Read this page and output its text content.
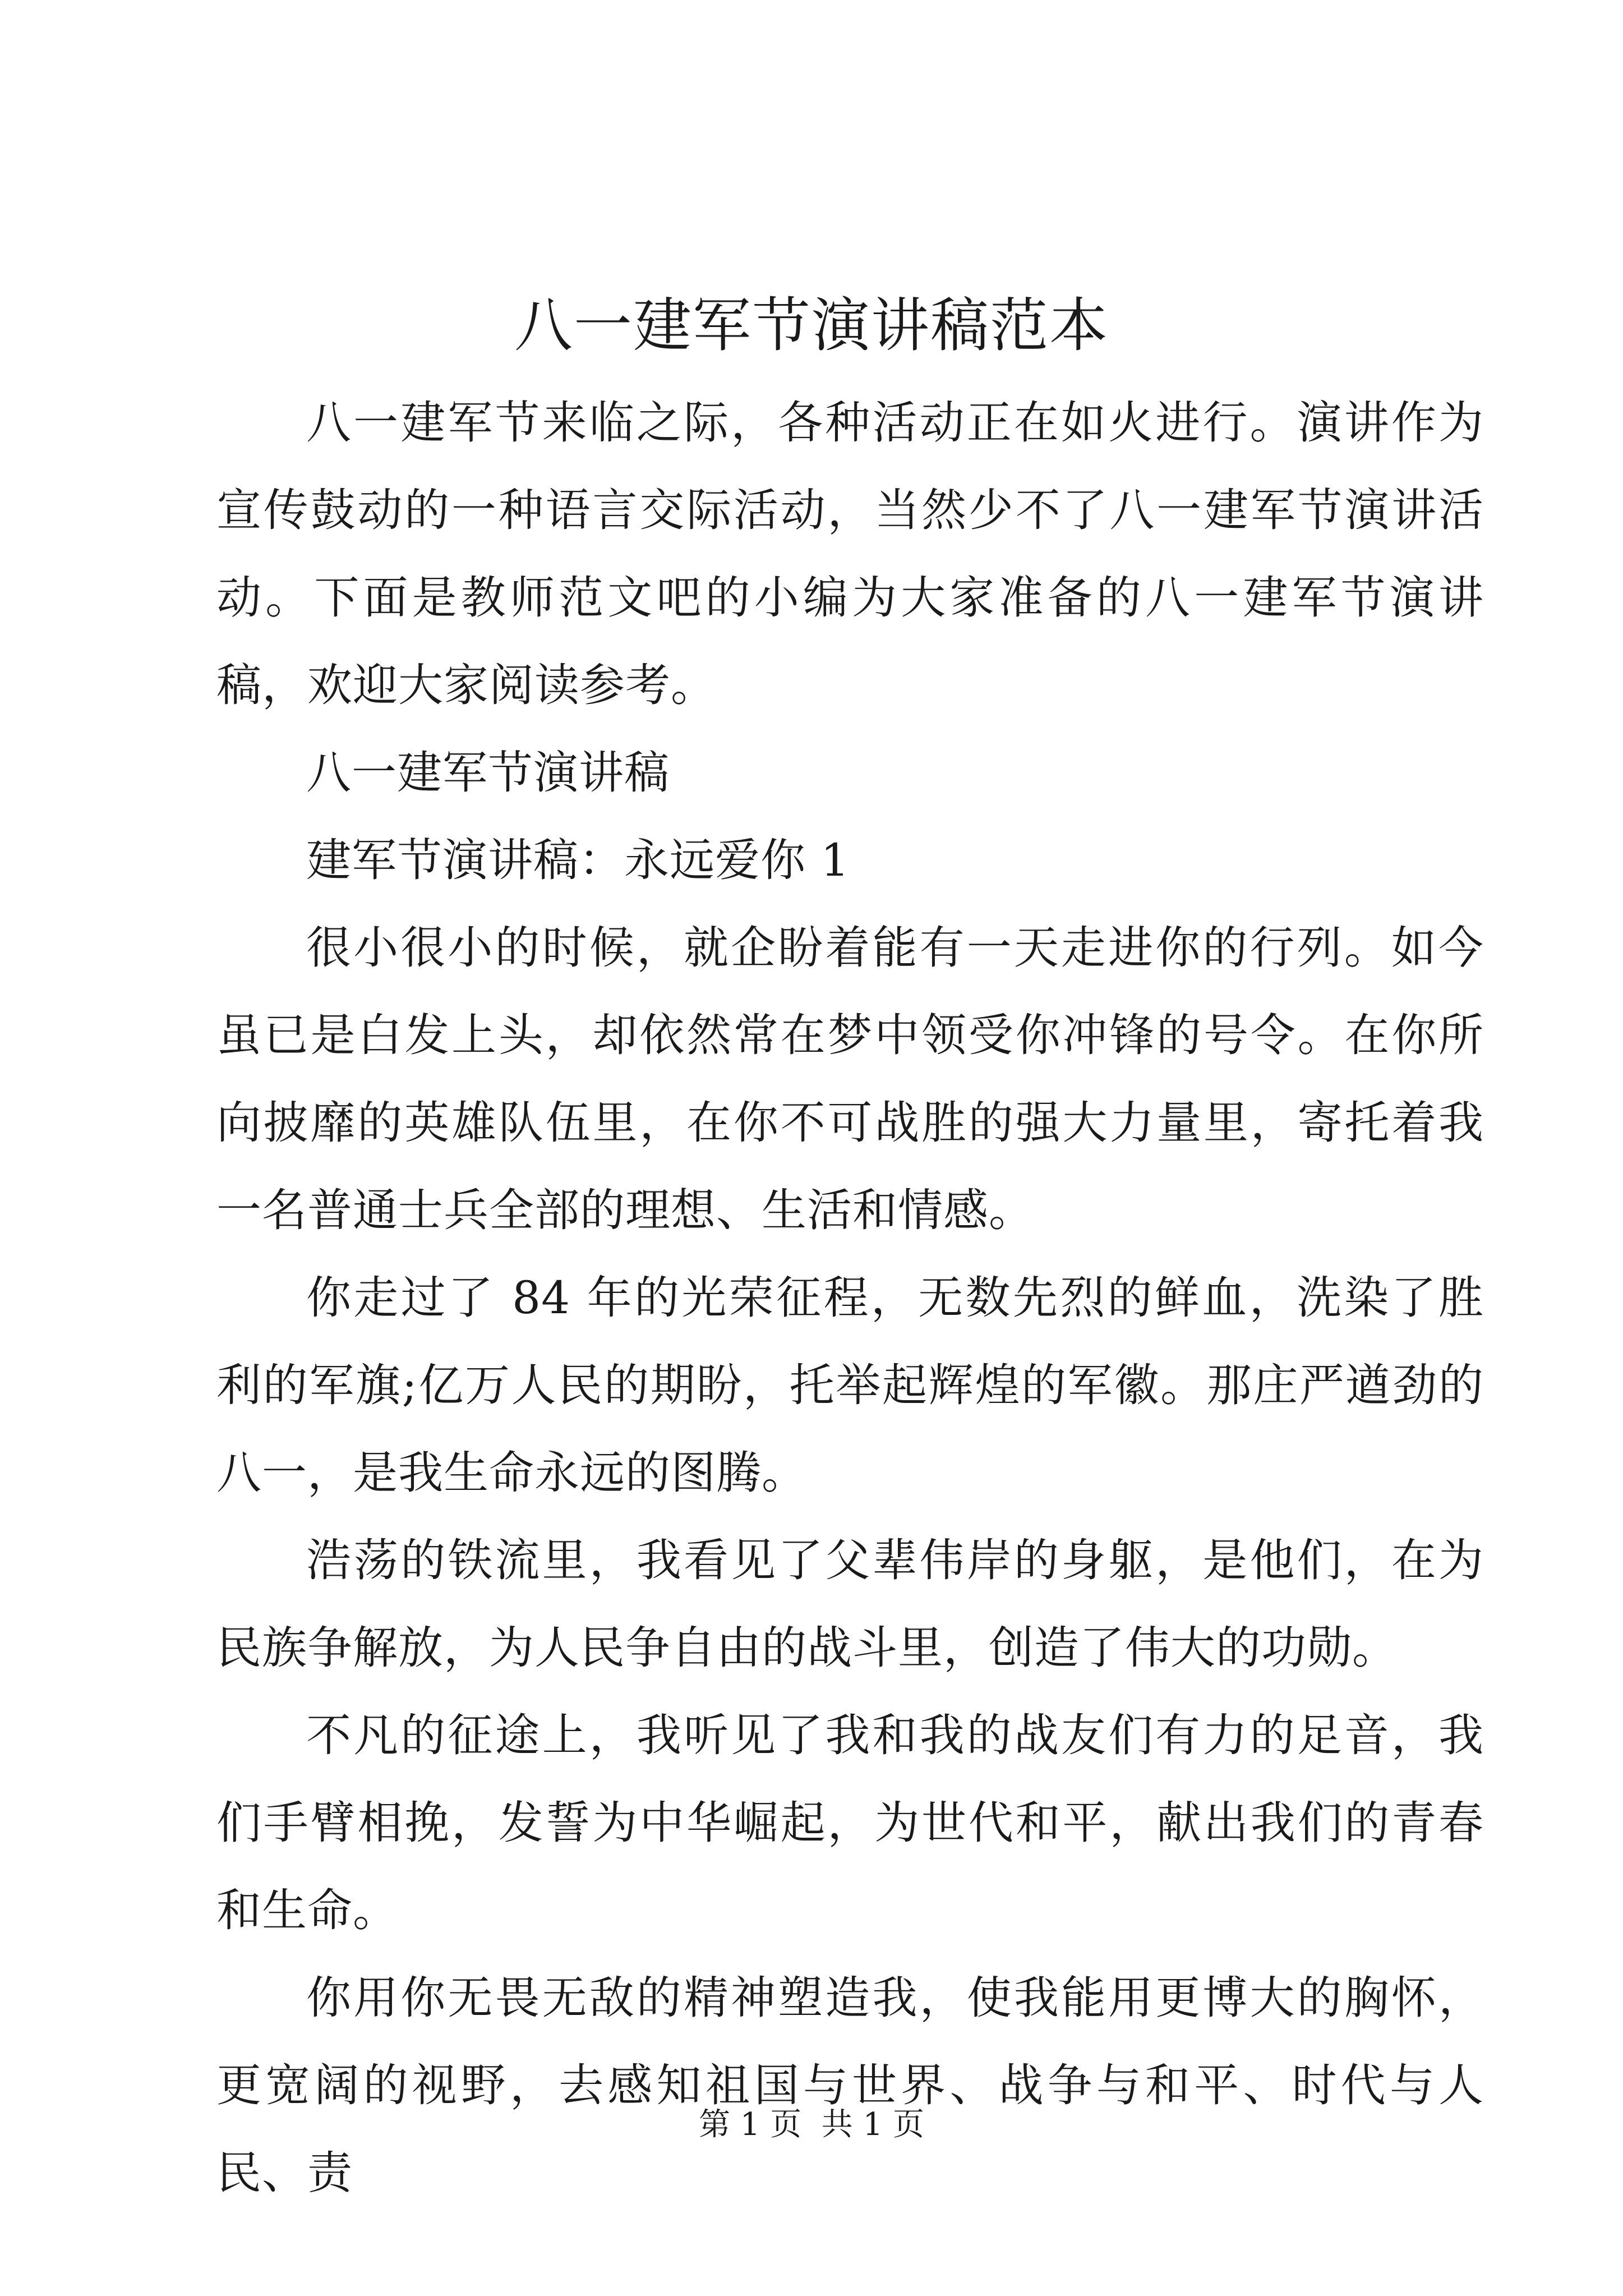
八一建军节演讲稿范本

八一建军节来临之际，各种活动正在如火进行。演讲作为宣传鼓动的一种语言交际活动，当然少不了八一建军节演讲活动。下面是教师范文吧的小编为大家准备的八一建军节演讲稿，欢迎大家阅读参考。

八一建军节演讲稿

建军节演讲稿：永远爱你 1

很小很小的时候，就企盼着能有一天走进你的行列。如今虽已是白发上头，却依然常在梦中领受你冲锋的号令。在你所向披靡的英雄队伍里，在你不可战胜的强大力量里，寄托着我一名普通士兵全部的理想、生活和情感。

你走过了 84 年的光荣征程，无数先烈的鲜血，洗染了胜利的军旗;亿万人民的期盼，托举起辉煌的军徽。那庄严遒劲的八一，是我生命永远的图腾。

浩荡的铁流里，我看见了父辈伟岸的身躯，是他们，在为民族争解放，为人民争自由的战斗里，创造了伟大的功勋。

不凡的征途上，我听见了我和我的战友们有力的足音，我们手臂相挽，发誓为中华崛起，为世代和平，献出我们的青春和生命。

你用你无畏无敌的精神塑造我，使我能用更博大的胸怀，更宽阔的视野，去感知祖国与世界、战争与和平、时代与人民、责

第 1 页  共 1 页
